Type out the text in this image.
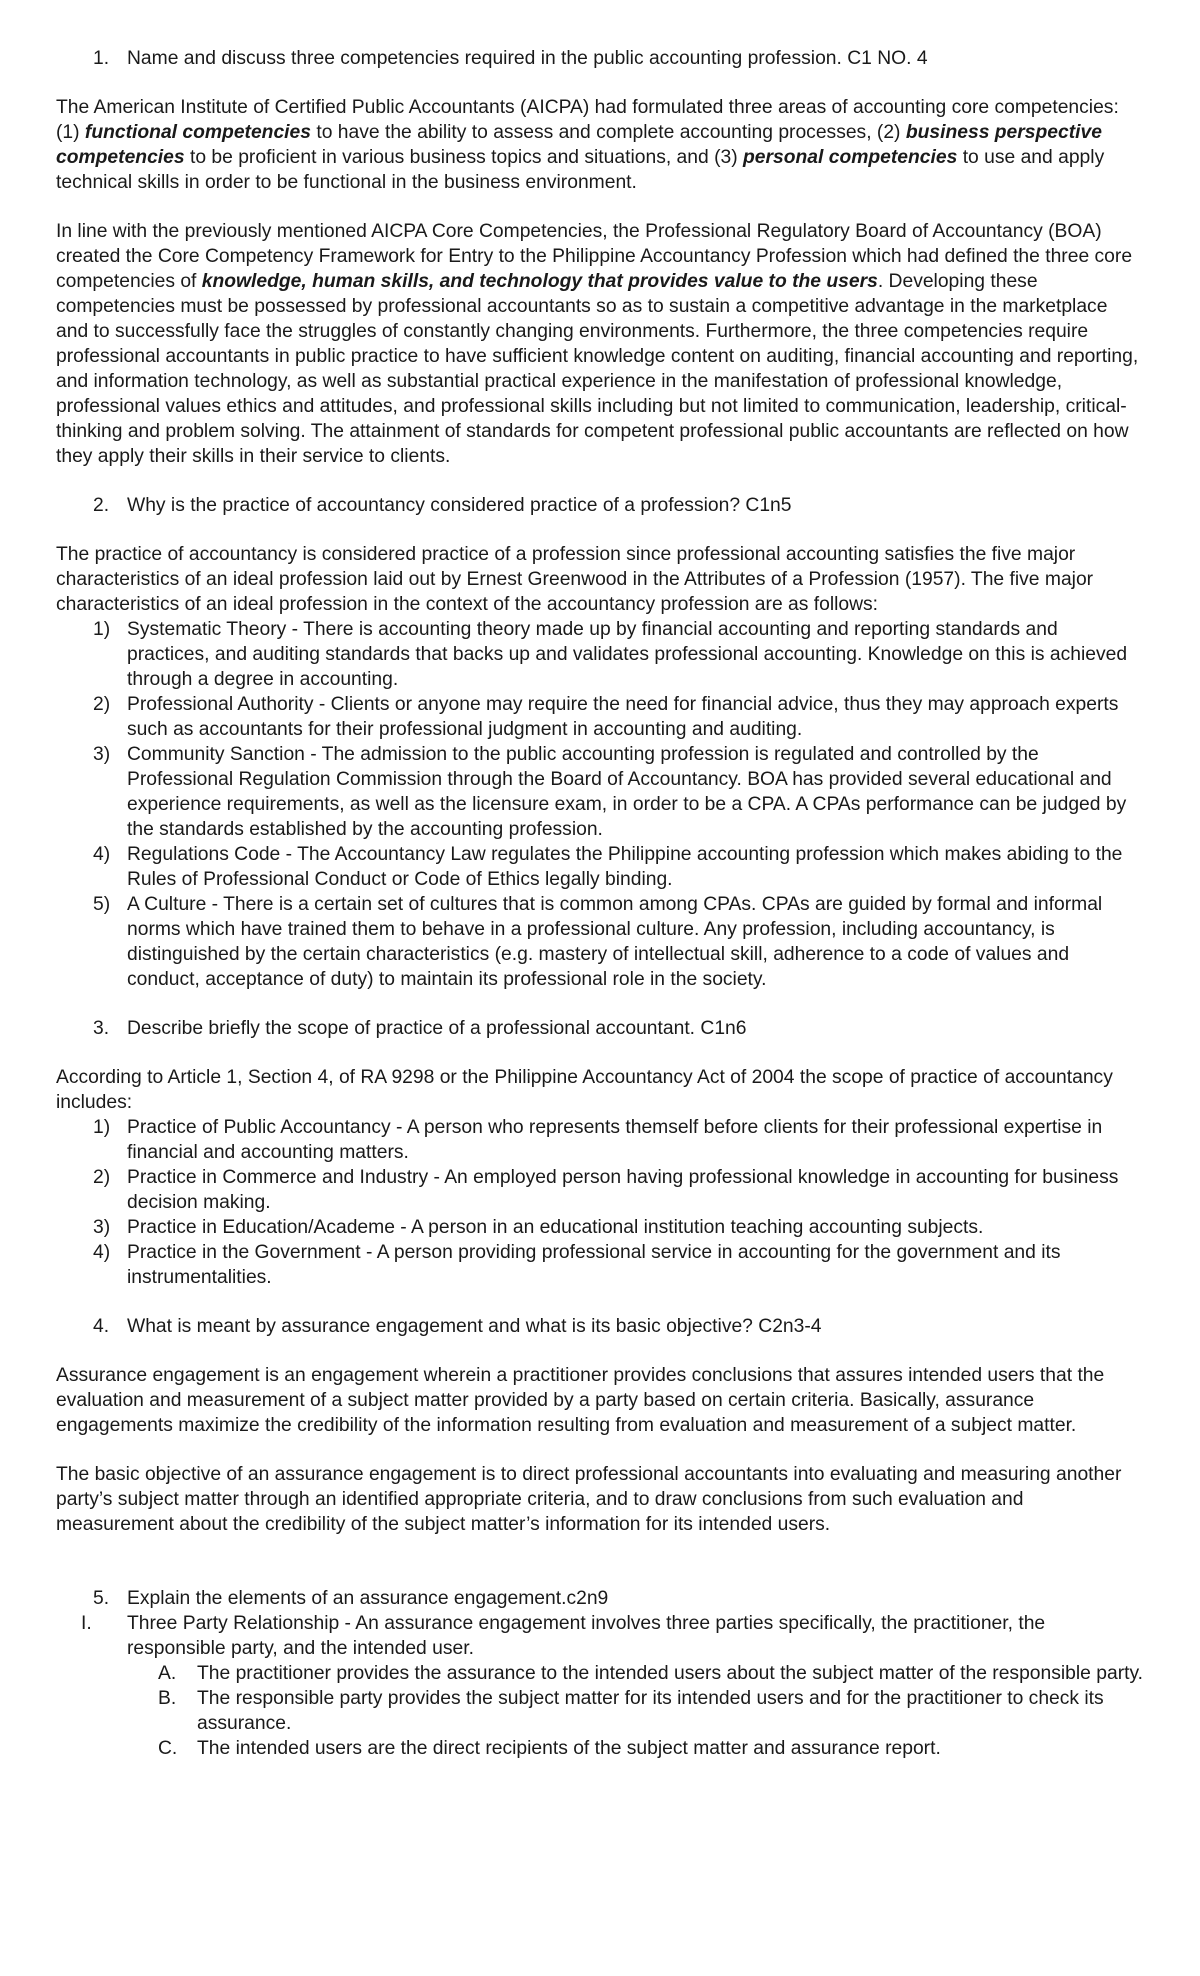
1. Name and discuss three competencies required in the public accounting profession. C1 NO. 4

The American Institute of Certified Public Accountants (AICPA) had formulated three areas of accounting core competencies: (1) functional competencies to have the ability to assess and complete accounting processes, (2) business perspective competencies to be proficient in various business topics and situations, and (3) personal competencies to use and apply technical skills in order to be functional in the business environment.

In line with the previously mentioned AICPA Core Competencies, the Professional Regulatory Board of Accountancy (BOA) created the Core Competency Framework for Entry to the Philippine Accountancy Profession which had defined the three core competencies of knowledge, human skills, and technology that provides value to the users. Developing these competencies must be possessed by professional accountants so as to sustain a competitive advantage in the marketplace and to successfully face the struggles of constantly changing environments. Furthermore, the three competencies require professional accountants in public practice to have sufficient knowledge content on auditing, financial accounting and reporting, and information technology, as well as substantial practical experience in the manifestation of professional knowledge, professional values ethics and attitudes, and professional skills including but not limited to communication, leadership, critical-thinking and problem solving. The attainment of standards for competent professional public accountants are reflected on how they apply their skills in their service to clients.

2. Why is the practice of accountancy considered practice of a profession? C1n5

The practice of accountancy is considered practice of a profession since professional accounting satisfies the five major characteristics of an ideal profession laid out by Ernest Greenwood in the Attributes of a Profession (1957). The five major characteristics of an ideal profession in the context of the accountancy profession are as follows:

1) Systematic Theory - There is accounting theory made up by financial accounting and reporting standards and practices, and auditing standards that backs up and validates professional accounting. Knowledge on this is achieved through a degree in accounting.
2) Professional Authority - Clients or anyone may require the need for financial advice, thus they may approach experts such as accountants for their professional judgment in accounting and auditing.
3) Community Sanction - The admission to the public accounting profession is regulated and controlled by the Professional Regulation Commission through the Board of Accountancy. BOA has provided several educational and experience requirements, as well as the licensure exam, in order to be a CPA. A CPAs performance can be judged by the standards established by the accounting profession.
4) Regulations Code - The Accountancy Law regulates the Philippine accounting profession which makes abiding to the Rules of Professional Conduct or Code of Ethics legally binding.
5) A Culture - There is a certain set of cultures that is common among CPAs. CPAs are guided by formal and informal norms which have trained them to behave in a professional culture. Any profession, including accountancy, is distinguished by the certain characteristics (e.g. mastery of intellectual skill, adherence to a code of values and conduct, acceptance of duty) to maintain its professional role in the society.

3. Describe briefly the scope of practice of a professional accountant. C1n6

According to Article 1, Section 4, of RA 9298 or the Philippine Accountancy Act of 2004 the scope of practice of accountancy includes:

1) Practice of Public Accountancy - A person who represents themself before clients for their professional expertise in financial and accounting matters.
2) Practice in Commerce and Industry - An employed person having professional knowledge in accounting for business decision making.
3) Practice in Education/Academe - A person in an educational institution teaching accounting subjects.
4) Practice in the Government - A person providing professional service in accounting for the government and its instrumentalities.

4. What is meant by assurance engagement and what is its basic objective? C2n3-4

Assurance engagement is an engagement wherein a practitioner provides conclusions that assures intended users that the evaluation and measurement of a subject matter provided by a party based on certain criteria. Basically, assurance engagements maximize the credibility of the information resulting from evaluation and measurement of a subject matter.

The basic objective of an assurance engagement is to direct professional accountants into evaluating and measuring another party’s subject matter through an identified appropriate criteria, and to draw conclusions from such evaluation and measurement about the credibility of the subject matter’s information for its intended users.

5. Explain the elements of an assurance engagement.c2n9

I. Three Party Relationship - An assurance engagement involves three parties specifically, the practitioner, the responsible party, and the intended user.
A. The practitioner provides the assurance to the intended users about the subject matter of the responsible party.
B. The responsible party provides the subject matter for its intended users and for the practitioner to check its assurance.
C. The intended users are the direct recipients of the subject matter and assurance report.
